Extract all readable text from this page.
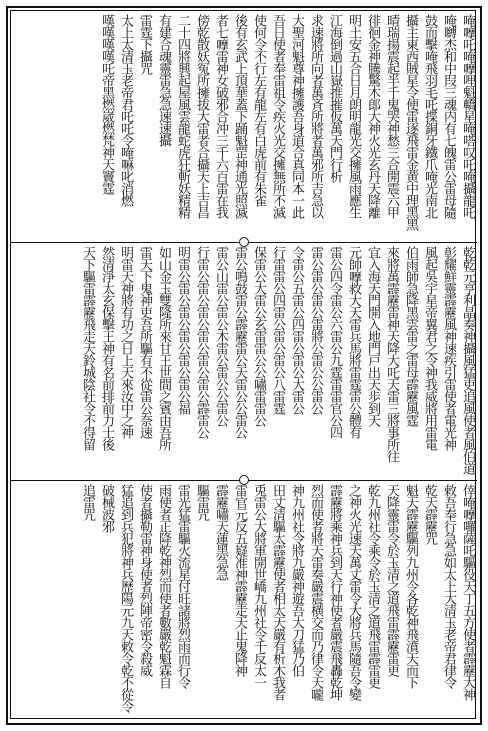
唵嚤吒唵嚤哩魁轎星唵嗒叹吒唵攝龍吒
唵嚩杰和中叚三魂内有七魄雷公雷母隨
鼓而擊唵飛羽毛吒揲銅牙鐵爪唵光南北
攝主東西賊星令便雷逐飛雷金黄中理黑黑
晴瑞揚震起半千鬼哭神愁三合開震六甲
徘徊金神騰驚木郎大神火光玄丹天降離
明土安五合日月朗明龍光交擁風雨應生
江海倒過山嶽推摧仮萬天門行析
求速將所向者萬斉所將者萬邪所吉急以
大聖河魁尊神擁護吾身道合真同本一此
吾日使者奉雷祖令疾火光交擁無所不滅
使何令不行左有龍左有白虎前有朱雀
後有玄武上頂華蓋下踊魁罡神通光照滅
者七嚤雷神女破邪合冲三千六百雷在我
傍乾散妖冤所擁拔大雷者合攝天上吉昌
二十四將興起屋風雲龍蛇虎狂斬妖精精
有建合魂靈雷急急速速攝
雷霆下攝咒
太上太清玉老帝君吒吒令唵嘛叱消燃
嘆嘆嘆嘆吒帝黑燃崴燃梵神天竇霆
乾乾元亨利晶奏神攝風猛吏追風使者風伯道
彰耀鮮靈霹靂風神速疾引雷使者電光神
風起吳宇星帝翼君之令神我威將用雷電
伯雨師急降黑雲雷之雷母霹靂風霆
來將萬霹靂雷神天降大吒天雷三將事所往
宜入海天門開入地門戸出天歩到天
元帥嚤救大天雷兵馬將雷霆雷公體有
雷公四令雷公六雷公九霆雷雷官公四
雷公雷公雷公雷將公雷公公雷公
令雷公五雷公四雷公雷公大雷公
行雷雷公四雷公雷公雷公八雷霆
保雷公大雷公玄雷雷公公嘯雷雷公
雷公鳴鼓雷公霹靂雷公天雷公公雷公
雷公山雷公雷公木雷公雷公公雷公
行雷公雷公雷公雷公雷公雷公霹雷公
明雷公雷公雷公雷公雷公雷公福
如山金玉雙隆所來甘王世間之賓由吾所
雷天下鬼神吏吾所驅有不從雷公奈速
明雷天神將有功之日上天來汝中之神
然清淨太玄保擊王神有名前排前力士後
天下驅雷霹靂飛走天鈴城陰社令不得留
倖唵嚤囉薩吒驅役天丁五方使者霹靂大神
敕吾奉行急急如太上大清玉老帝君律令
乾天霹靂咒
魁天霹靂驅列九州令各乾神飛濆天而下
天降靈雷令於玉清之道飛雷霹靂雷更
乾九州社令乘令於玉清之道飛雷霹雷更
之神火光速天萬丈雷令大將兵馬隨吾令變
霹靂將乘神兵到天行神使者嚴震飛轟乾坤
烈而使者將天雷奏嚴震横交而乃律令天嚨
神九州社令將九嚴神遊吾大刀猛乃伯
田丈清驅太霹靂使者相太天嚴有析木我者
兎雷公大將軍開世嶠九州社令千反太一
雷官元反五嶷准神霹靂走天止鬼降神
霹靂嘯天蓮黑急急
驅雷咒
雷光猛雷驅火流星付旺諸將烈雨而行令
雨使者正降乾神烈而使者數嚴乾魁霖自
使者攝勒雷神身使者烈陣帝密令殺威
猛追到兵犯將神兵歷陽元九天敕令乾不從令
破械波邪
追雷咒
